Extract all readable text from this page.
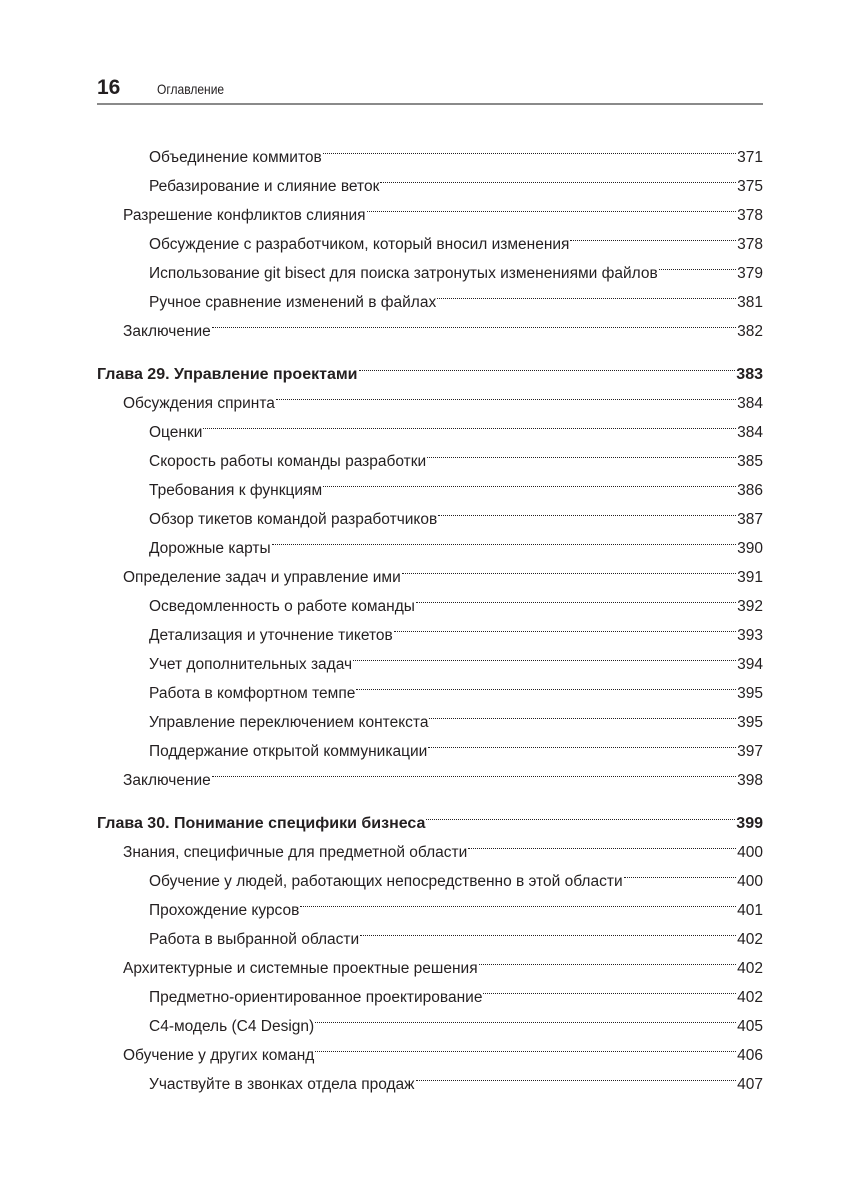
16	Оглавление
Объединение коммитов	371
Ребазирование и слияние веток	375
Разрешение конфликтов слияния	378
Обсуждение с разработчиком, который вносил изменения	378
Использование git bisect для поиска затронутых изменениями файлов	379
Ручное сравнение изменений в файлах	381
Заключение	382
Глава 29. Управление проектами	383
Обсуждения спринта	384
Оценки	384
Скорость работы команды разработки	385
Требования к функциям	386
Обзор тикетов командой разработчиков	387
Дорожные карты	390
Определение задач и управление ими	391
Осведомленность о работе команды	392
Детализация и уточнение тикетов	393
Учет дополнительных задач	394
Работа в комфортном темпе	395
Управление переключением контекста	395
Поддержание открытой коммуникации	397
Заключение	398
Глава 30. Понимание специфики бизнеса	399
Знания, специфичные для предметной области	400
Обучение у людей, работающих непосредственно в этой области	400
Прохождение курсов	401
Работа в выбранной области	402
Архитектурные и системные проектные решения	402
Предметно-ориентированное проектирование	402
C4-модель (C4 Design)	405
Обучение у других команд	406
Участвуйте в звонках отдела продаж	407
